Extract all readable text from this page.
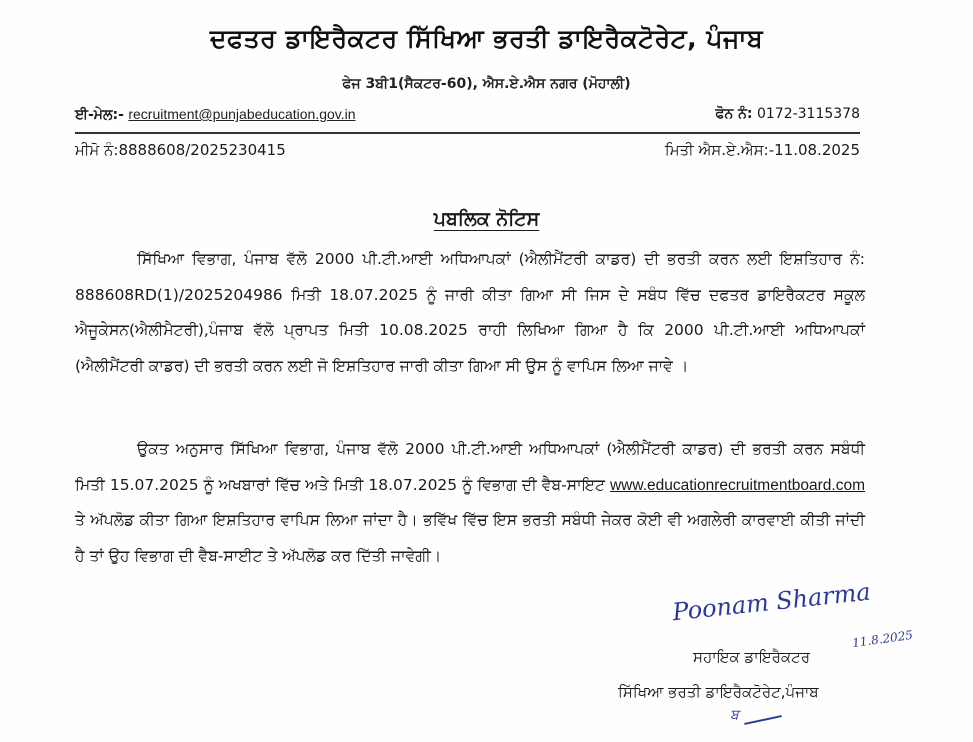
ਦਫਤਰ ਡਾਇਰੈਕਟਰ ਸਿੱਖਿਆ ਭਰਤੀ ਡਾਇਰੈਕਟੋਰੇਟ, ਪੰਜਾਬ
ਫੇਜ 3ਬੀ1(ਸੈਕਟਰ-60), ਐਸ.ਏ.ਐਸ ਨਗਰ (ਮੋਹਾਲੀ)
ਈ-ਮੇਲ:- recruitment@punjabeducation.gov.in	ਫੋਨ ਨੰ: 0172-3115378
ਮੀਮੋ ਨੰ:8888608/2025230415	ਮਿਤੀ ਐਸ.ਏ.ਐਸ:-11.08.2025
ਪਬਲਿਕ ਨੋਟਿਸ

ਸਿੱਖਿਆ ਵਿਭਾਗ, ਪੰਜਾਬ ਵੱਲੋ 2000 ਪੀ.ਟੀ.ਆਈ ਅਧਿਆਪਕਾਂ (ਐਲੀਮੈਂਟਰੀ ਕਾਡਰ) ਦੀ ਭਰਤੀ ਕਰਨ ਲਈ ਇਸ਼ਤਿਹਾਰ ਨੰ: 888608RD(1)/2025204986 ਮਿਤੀ 18.07.2025 ਨੂੰ ਜਾਰੀ ਕੀਤਾ ਗਿਆ ਸੀ ਜਿਸ ਦੇ ਸਬੰਧ ਵਿੱਚ ਦਫਤਰ ਡਾਇਰੈਕਟਰ ਸਕੂਲ ਐਜੂਕੇਸਨ(ਐਲੀਮੈਟਰੀ),ਪੰਜਾਬ ਵੱਲੋ ਪ੍ਰਾਪਤ ਮਿਤੀ 10.08.2025 ਰਾਹੀ ਲਿਖਿਆ ਗਿਆ ਹੈ ਕਿ 2000 ਪੀ.ਟੀ.ਆਈ ਅਧਿਆਪਕਾਂ (ਐਲੀਮੈਂਟਰੀ ਕਾਡਰ) ਦੀ ਭਰਤੀ ਕਰਨ ਲਈ ਜੋ ਇਸ਼ਤਿਹਾਰ ਜਾਰੀ ਕੀਤਾ ਗਿਆ ਸੀ ਉਸ ਨੂੰ ਵਾਪਿਸ ਲਿਆ ਜਾਵੇ ।

ਉਕਤ ਅਨੁਸਾਰ ਸਿੱਖਿਆ ਵਿਭਾਗ, ਪੰਜਾਬ ਵੱਲੋ 2000 ਪੀ.ਟੀ.ਆਈ ਅਧਿਆਪਕਾਂ (ਐਲੀਮੈਂਟਰੀ ਕਾਡਰ) ਦੀ ਭਰਤੀ ਕਰਨ ਸਬੰਧੀ ਮਿਤੀ 15.07.2025 ਨੂੰ ਅਖਬਾਰਾਂ ਵਿੱਚ ਅਤੇ ਮਿਤੀ 18.07.2025 ਨੂੰ ਵਿਭਾਗ ਦੀ ਵੈਬ-ਸਾਇਟ www.educationrecruitmentboard.com ਤੇ ਅੱਪਲੋਡ ਕੀਤਾ ਗਿਆ ਇਸ਼ਤਿਹਾਰ ਵਾਪਿਸ ਲਿਆ ਜਾਂਦਾ ਹੈ। ਭਵਿੱਖ ਵਿੱਚ ਇਸ ਭਰਤੀ ਸਬੰਧੀ ਜੇਕਰ ਕੋਈ ਵੀ ਅਗਲੇਰੀ ਕਾਰਵਾਈ ਕੀਤੀ ਜਾਂਦੀ ਹੈ ਤਾਂ ਉਹ ਵਿਭਾਗ ਦੀ ਵੈਬ-ਸਾਈਟ ਤੇ ਅੱਪਲੋਡ ਕਰ ਦਿੱਤੀ ਜਾਵੇਗੀ।

Poonam Sharma
11.8.2025
ਸਹਾਇਕ ਡਾਇਰੈਕਟਰ
ਸਿੱਖਿਆ ਭਰਤੀ ਡਾਇਰੈਕਟੋਰੇਟ,ਪੰਜਾਬ
ਬ
